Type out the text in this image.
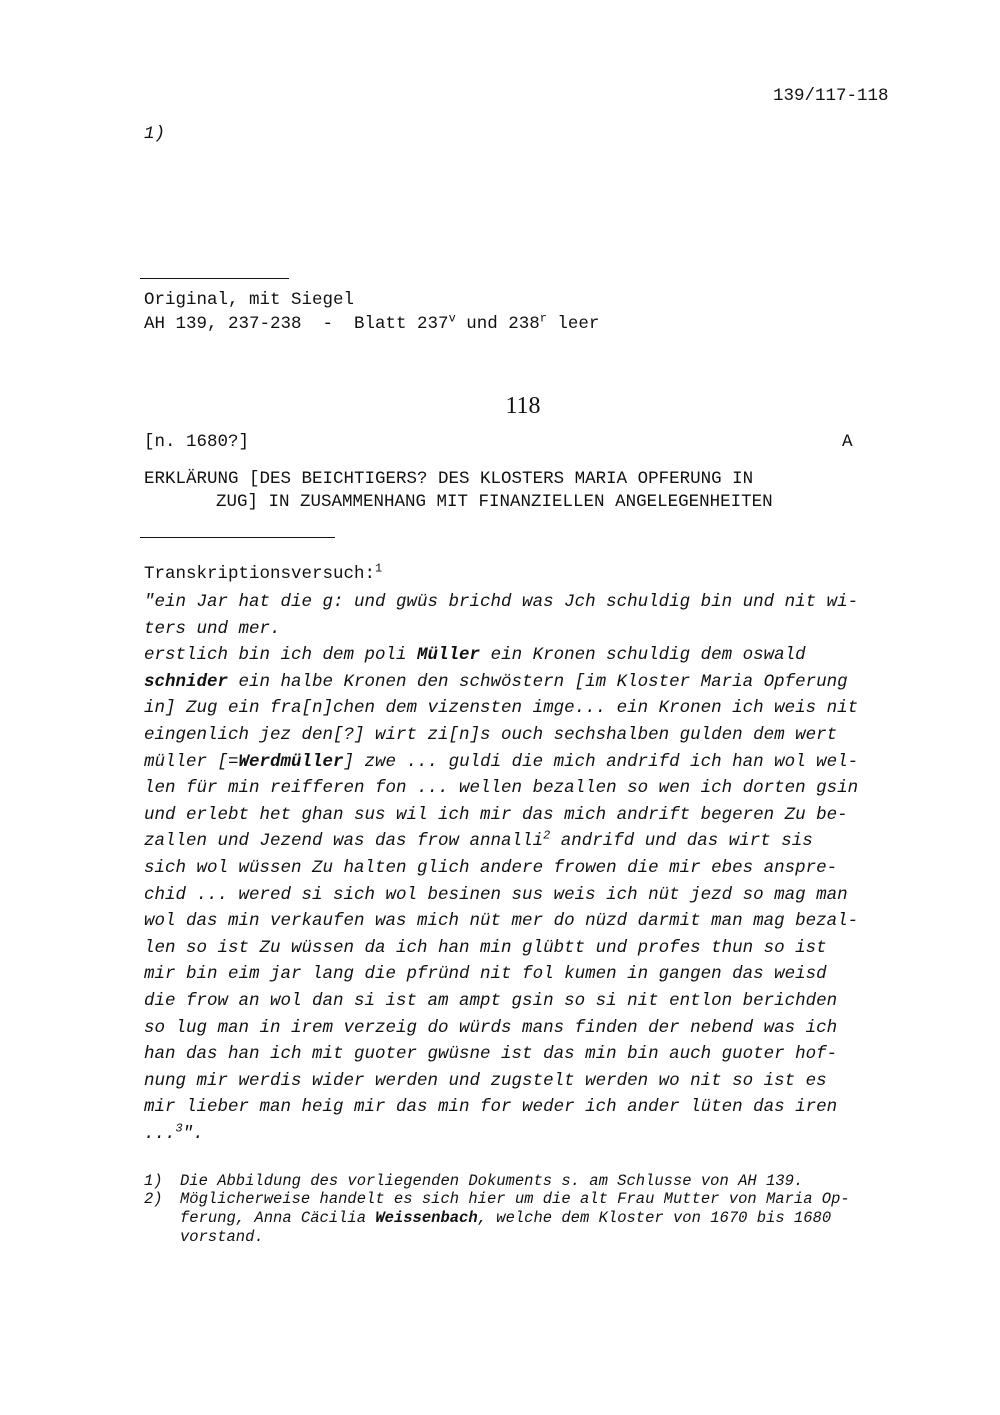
139/117-118

1)

Original, mit Siegel

AH 139, 237-238  -  Blatt 237$^v$ und 238$^r$ leer

118

[n. 1680?]	A

ERKLÄRUNG [DES BEICHTIGERS? DES KLOSTERS MARIA OPFERUNG IN

ZUG] IN ZUSAMMENHANG MIT FINANZIELLEN ANGELEGENHEITEN

Transkriptionsversuch:$^1$

"ein Jar hat die g: und gwüs brichd was Jch schuldig bin und nit wi-
ters und mer.
erstlich bin ich dem poli Müller ein Kronen schuldig dem oswald
schnider ein halbe Kronen den schwöstern [im Kloster Maria Opferung
in] Zug ein fra[n]chen dem vizensten imge... ein Kronen ich weis nit
eingenlich jez den[?] wirt zi[n]s ouch sechshalben gulden dem wert
müller [=Werdmüller] zwe ... guldi die mich andrifd ich han wol wel-
len für min reifferen fon ... wellen bezallen so wen ich dorten gsin
und erlebt het ghan sus wil ich mir das mich andrift begeren Zu be-
zallen und Jezend was das frow annalli$^2$ andrifd und das wirt sis
sich wol wüssen Zu halten glich andere frowen die mir ebes anspre-
chid ... wered si sich wol besinen sus weis ich nüt jezd so mag man
wol das min verkaufen was mich nüt mer do nüzd darmit man mag bezal-
len so ist Zu wüssen da ich han min glübtt und profes thun so ist
mir bin eim jar lang die pfründ nit fol kumen in gangen das weisd
die frow an wol dan si ist am ampt gsin so si nit entlon berichden
so lug man in irem verzeig do würds mans finden der nebend was ich
han das han ich mit guoter gwüsne ist das min bin auch guoter hof-
nung mir werdis wider werden und zugstelt werden wo nit so ist es
mir lieber man heig mir das min for weder ich ander lüten das iren
...$^3$".
1) Die Abbildung des vorliegenden Dokuments s. am Schlusse von AH 139.
2) Möglicherweise handelt es sich hier um die alt Frau Mutter von Maria Op-
ferung, Anna Cäcilia Weissenbach, welche dem Kloster von 1670 bis 1680
vorstand.
